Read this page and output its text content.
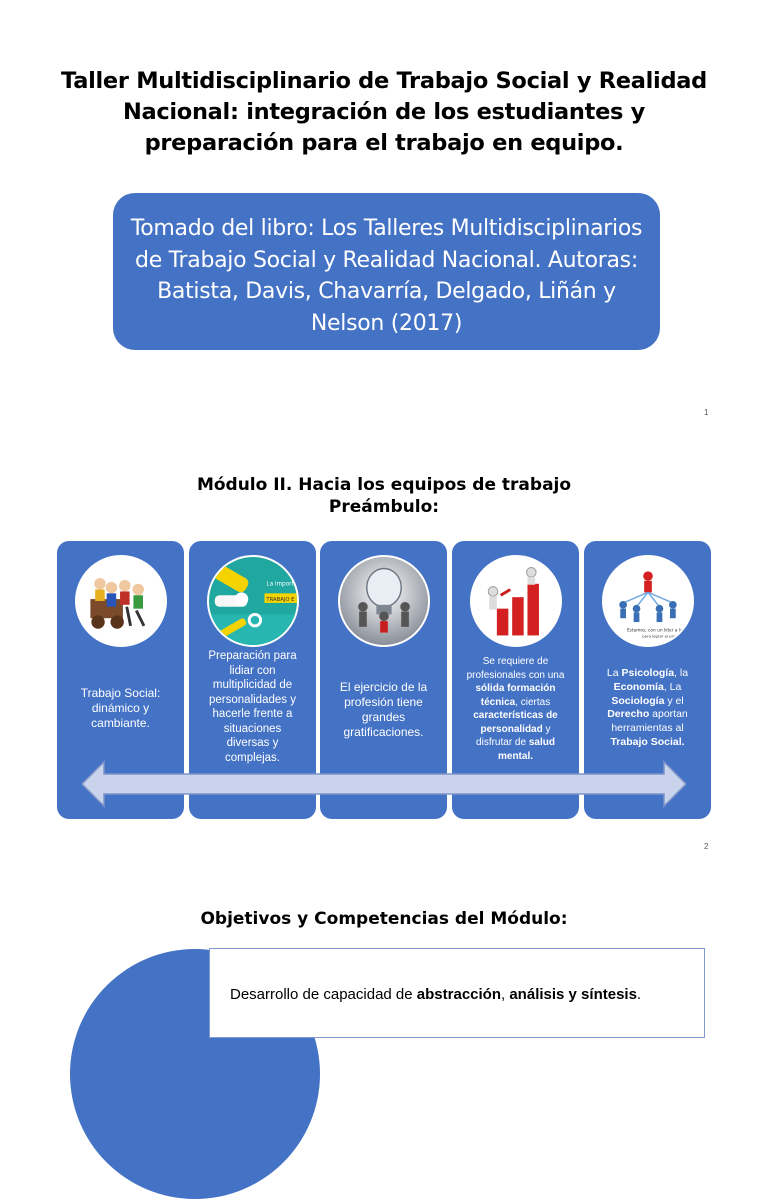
Taller Multidisciplinario de Trabajo Social y Realidad Nacional: integración de los estudiantes y preparación para el trabajo en equipo.
Tomado del libro: Los Talleres Multidisciplinarios de Trabajo Social y Realidad Nacional. Autoras: Batista, Davis, Chavarría, Delgado, Liñán y Nelson (2017)
1
Módulo II. Hacia los equipos de trabajo
Preámbulo:
Trabajo Social:
dinámico y
cambiante.
La importa
TRABAJO E
Preparación para
lidiar con
multiplicidad de
personalidades y
hacerle frente a
situaciones
diversas y
complejas.
El ejercicio de la
profesión tiene
grandes
gratificaciones.
Se requiere de
profesionales con una
sólida formación
técnica, ciertas
características de
personalidad y
disfrutar de salud
mental.
Estamos, con un líder a la cab
para lograr el proyecto
La Psicología, la
Economía, La
Sociología y el
Derecho aportan
herramientas al
Trabajo Social.
2
Objetivos y Competencias del Módulo:
Desarrollo de capacidad de abstracción, análisis y síntesis.
